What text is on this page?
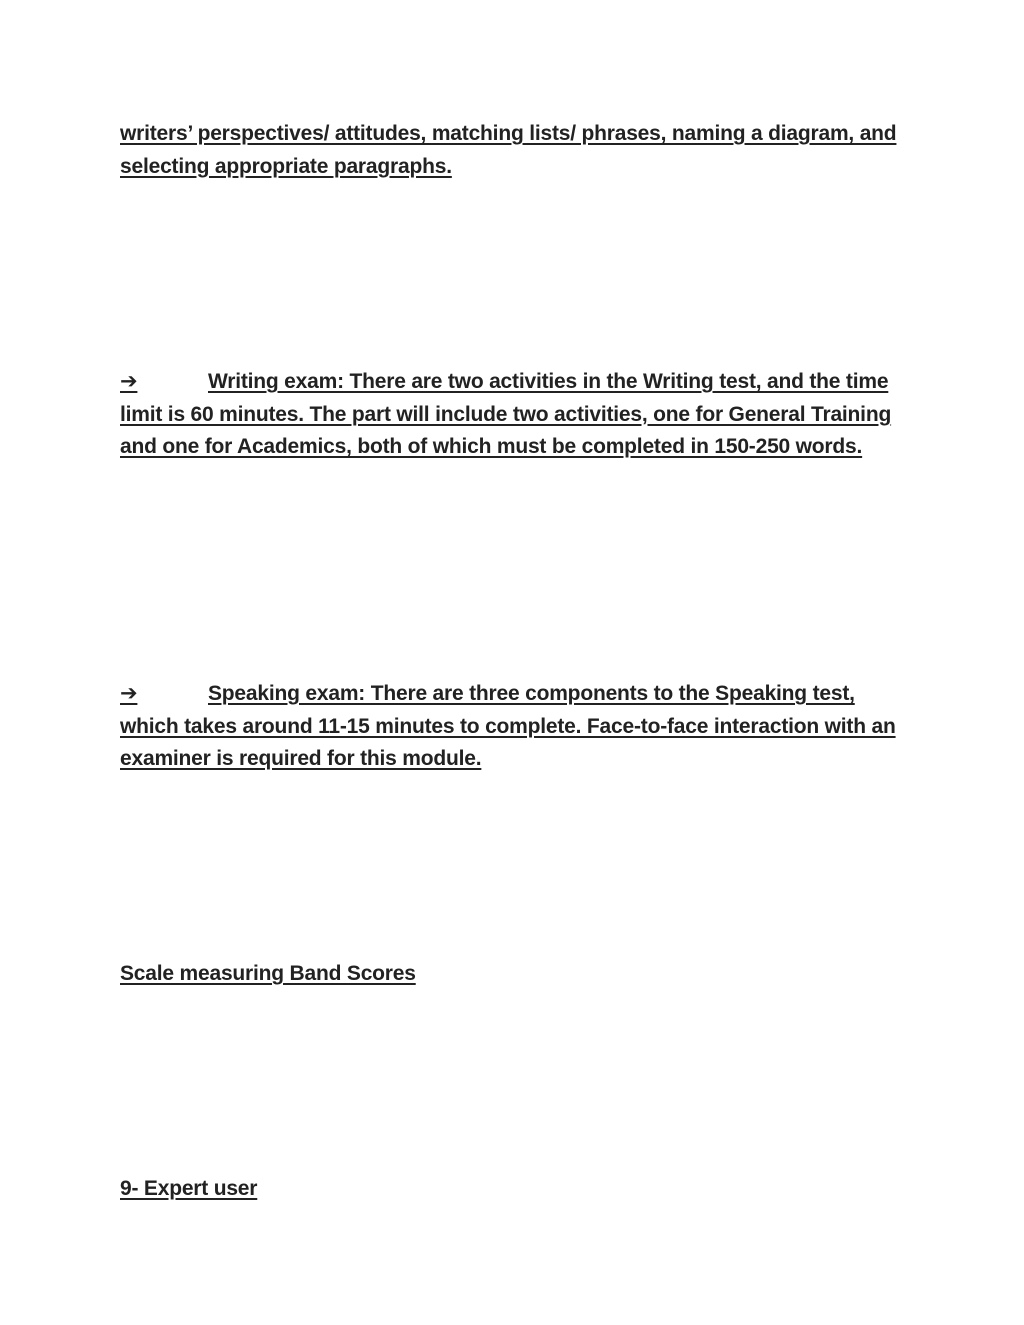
writers’ perspectives/ attitudes, matching lists/ phrases, naming a diagram, and selecting appropriate paragraphs.

➔	Writing exam: There are two activities in the Writing test, and the time limit is 60 minutes. The part will include two activities, one for General Training and one for Academics, both of which must be completed in 150-250 words.

➔	Speaking exam: There are three components to the Speaking test, which takes around 11-15 minutes to complete. Face-to-face interaction with an examiner is required for this module.

Scale measuring Band Scores

9- Expert user
